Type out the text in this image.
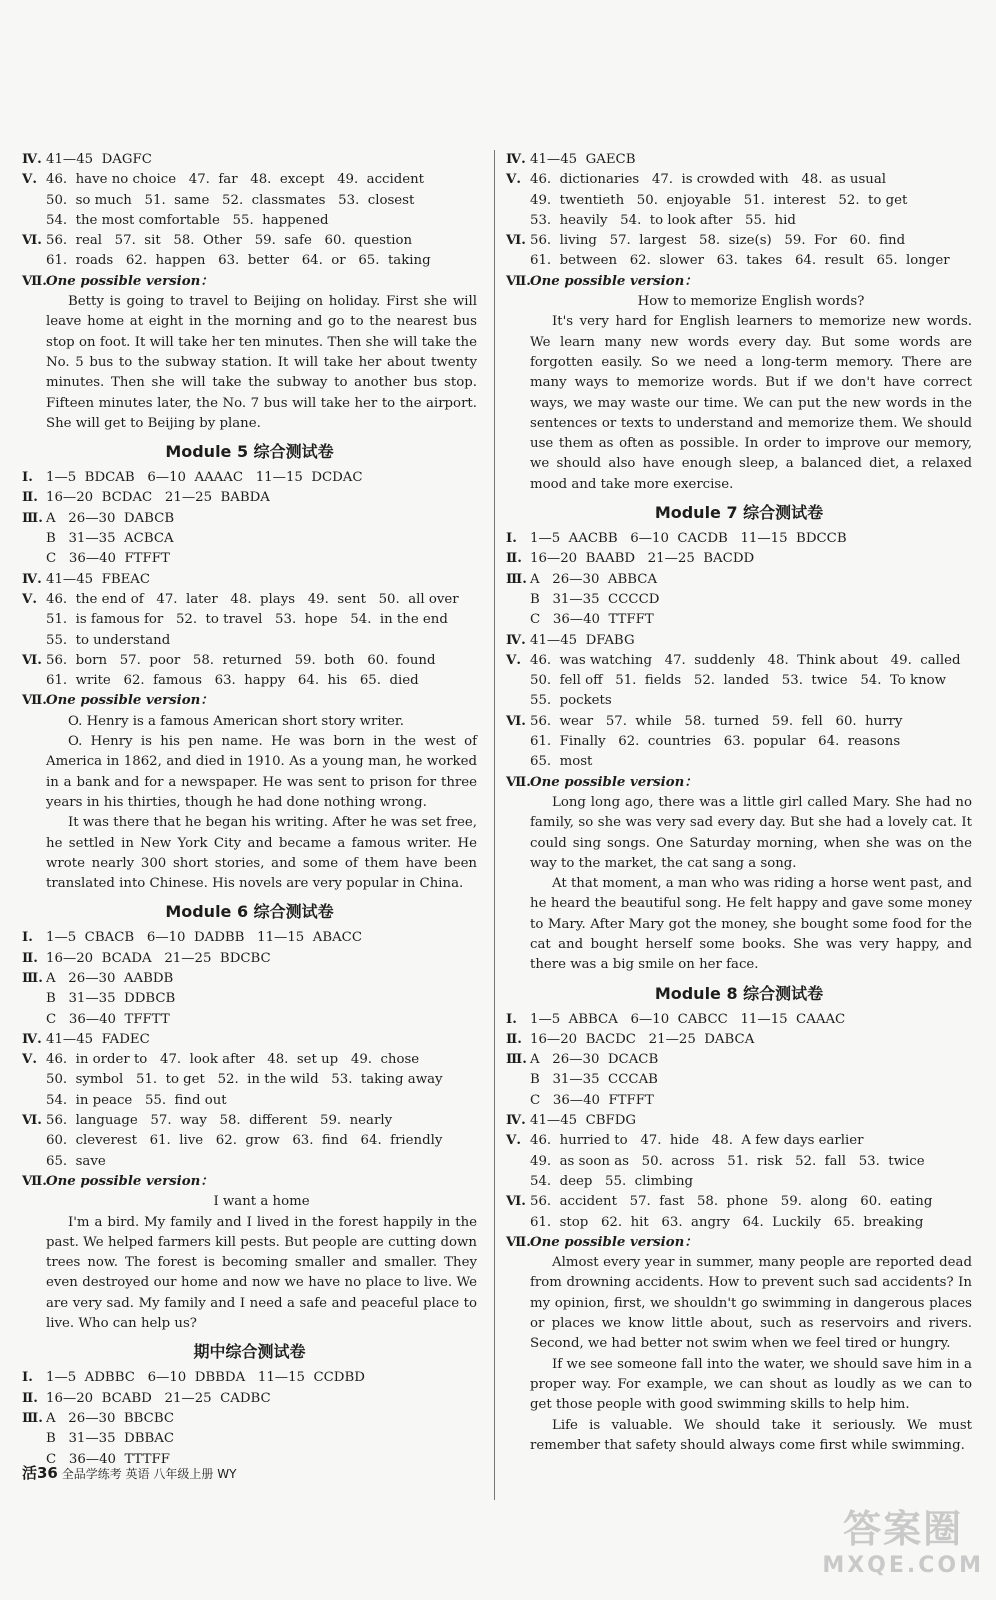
Ⅳ. 41—45  DAGFC
Ⅴ. 46.  have no choice   47.  far   48.  except   49.  accident
50.  so much   51.  same   52.  classmates   53.  closest
54.  the most comfortable   55.  happened
Ⅵ. 56.  real   57.  sit   58.  Other   59.  safe   60.  question
61.  roads   62.  happen   63.  better   64.  or   65.  taking
Ⅶ.One possible version：
Betty is going to travel to Beijing on holiday. First she will leave home at eight in the morning and go to the nearest bus stop on foot. It will take her ten minutes. Then she will take the No. 5 bus to the subway station. It will take her about twenty minutes. Then she will take the subway to another bus stop. Fifteen minutes later, the No. 7 bus will take her to the airport. She will get to Beijing by plane.
Module 5 综合测试卷
Ⅰ. 1—5  BDCAB   6—10  AAAAC   11—15  DCDAC
Ⅱ. 16—20  BCDAC   21—25  BABDA
Ⅲ. A   26—30  DABCB
B   31—35  ACBCA
C   36—40  FTFFT
Ⅳ. 41—45  FBEAC
Ⅴ. 46.  the end of   47.  later   48.  plays   49.  sent   50.  all over
51.  is famous for   52.  to travel   53.  hope   54.  in the end
55.  to understand
Ⅵ. 56.  born   57.  poor   58.  returned   59.  both   60.  found
61.  write   62.  famous   63.  happy   64.  his   65.  died
Ⅶ.One possible version：
O. Henry is a famous American short story writer.
O. Henry is his pen name. He was born in the west of America in 1862, and died in 1910. As a young man, he worked in a bank and for a newspaper. He was sent to prison for three years in his thirties, though he had done nothing wrong.
It was there that he began his writing. After he was set free, he settled in New York City and became a famous writer. He wrote nearly 300 short stories, and some of them have been translated into Chinese. His novels are very popular in China.
Module 6 综合测试卷
Ⅰ. 1—5  CBACB   6—10  DADBB   11—15  ABACC
Ⅱ. 16—20  BCADA   21—25  BDCBC
Ⅲ. A   26—30  AABDB
B   31—35  DDBCB
C   36—40  TFFTT
Ⅳ. 41—45  FADEC
Ⅴ. 46.  in order to   47.  look after   48.  set up   49.  chose
50.  symbol   51.  to get   52.  in the wild   53.  taking away
54.  in peace   55.  find out
Ⅵ. 56.  language   57.  way   58.  different   59.  nearly
60.  cleverest   61.  live   62.  grow   63.  find   64.  friendly
65.  save
Ⅶ.One possible version：
I want a home
I'm a bird. My family and I lived in the forest happily in the past. We helped farmers kill pests. But people are cutting down trees now. The forest is becoming smaller and smaller. They even destroyed our home and now we have no place to live. We are very sad. My family and I need a safe and peaceful place to live. Who can help us?
期中综合测试卷
Ⅰ. 1—5  ADBBC   6—10  DBBDA   11—15  CCDBD
Ⅱ. 16—20  BCABD   21—25  CADBC
Ⅲ. A   26—30  BBCBC
B   31—35  DBBAC
C   36—40  TTTFF
Ⅳ. 41—45  GAECB
Ⅴ. 46.  dictionaries   47.  is crowded with   48.  as usual
49.  twentieth   50.  enjoyable   51.  interest   52.  to get
53.  heavily   54.  to look after   55.  hid
Ⅵ. 56.  living   57.  largest   58.  size(s)   59.  For   60.  find
61.  between   62.  slower   63.  takes   64.  result   65.  longer
Ⅶ.One possible version：
How to memorize English words?
It's very hard for English learners to memorize new words. We learn many new words every day. But some words are forgotten easily. So we need a long-term memory. There are many ways to memorize words. But if we don't have correct ways, we may waste our time. We can put the new words in the sentences or texts to understand and memorize them. We should use them as often as possible. In order to improve our memory, we should also have enough sleep, a balanced diet, a relaxed mood and take more exercise.
Module 7 综合测试卷
Ⅰ. 1—5  AACBB   6—10  CACDB   11—15  BDCCB
Ⅱ. 16—20  BAABD   21—25  BACDD
Ⅲ. A   26—30  ABBCA
B   31—35  CCCCD
C   36—40  TTFFT
Ⅳ. 41—45  DFABG
Ⅴ. 46.  was watching   47.  suddenly   48.  Think about   49.  called
50.  fell off   51.  fields   52.  landed   53.  twice   54.  To know
55.  pockets
Ⅵ. 56.  wear   57.  while   58.  turned   59.  fell   60.  hurry
61.  Finally   62.  countries   63.  popular   64.  reasons
65.  most
Ⅶ.One possible version：
Long long ago, there was a little girl called Mary. She had no family, so she was very sad every day. But she had a lovely cat. It could sing songs. One Saturday morning, when she was on the way to the market, the cat sang a song.
At that moment, a man who was riding a horse went past, and he heard the beautiful song. He felt happy and gave some money to Mary. After Mary got the money, she bought some food for the cat and bought herself some books. She was very happy, and there was a big smile on her face.
Module 8 综合测试卷
Ⅰ. 1—5  ABBCA   6—10  CABCC   11—15  CAAAC
Ⅱ. 16—20  BACDC   21—25  DABCA
Ⅲ. A   26—30  DCACB
B   31—35  CCCAB
C   36—40  FTFFT
Ⅳ. 41—45  CBFDG
Ⅴ. 46.  hurried to   47.  hide   48.  A few days earlier
49.  as soon as   50.  across   51.  risk   52.  fall   53.  twice
54.  deep   55.  climbing
Ⅵ. 56.  accident   57.  fast   58.  phone   59.  along   60.  eating
61.  stop   62.  hit   63.  angry   64.  Luckily   65.  breaking
Ⅶ.One possible version：
Almost every year in summer, many people are reported dead from drowning accidents. How to prevent such sad accidents? In my opinion, first, we shouldn't go swimming in dangerous places or places we know little about, such as reservoirs and rivers. Second, we had better not swim when we feel tired or hungry.
If we see someone fall into the water, we should save him in a proper way. For example, we can shout as loudly as we can to get those people with good swimming skills to help him.
Life is valuable. We should take it seriously. We must remember that safety should always come first while swimming.
活36 全品学练考 英语 八年级上册 WY
答案圈
MXQE.COM
